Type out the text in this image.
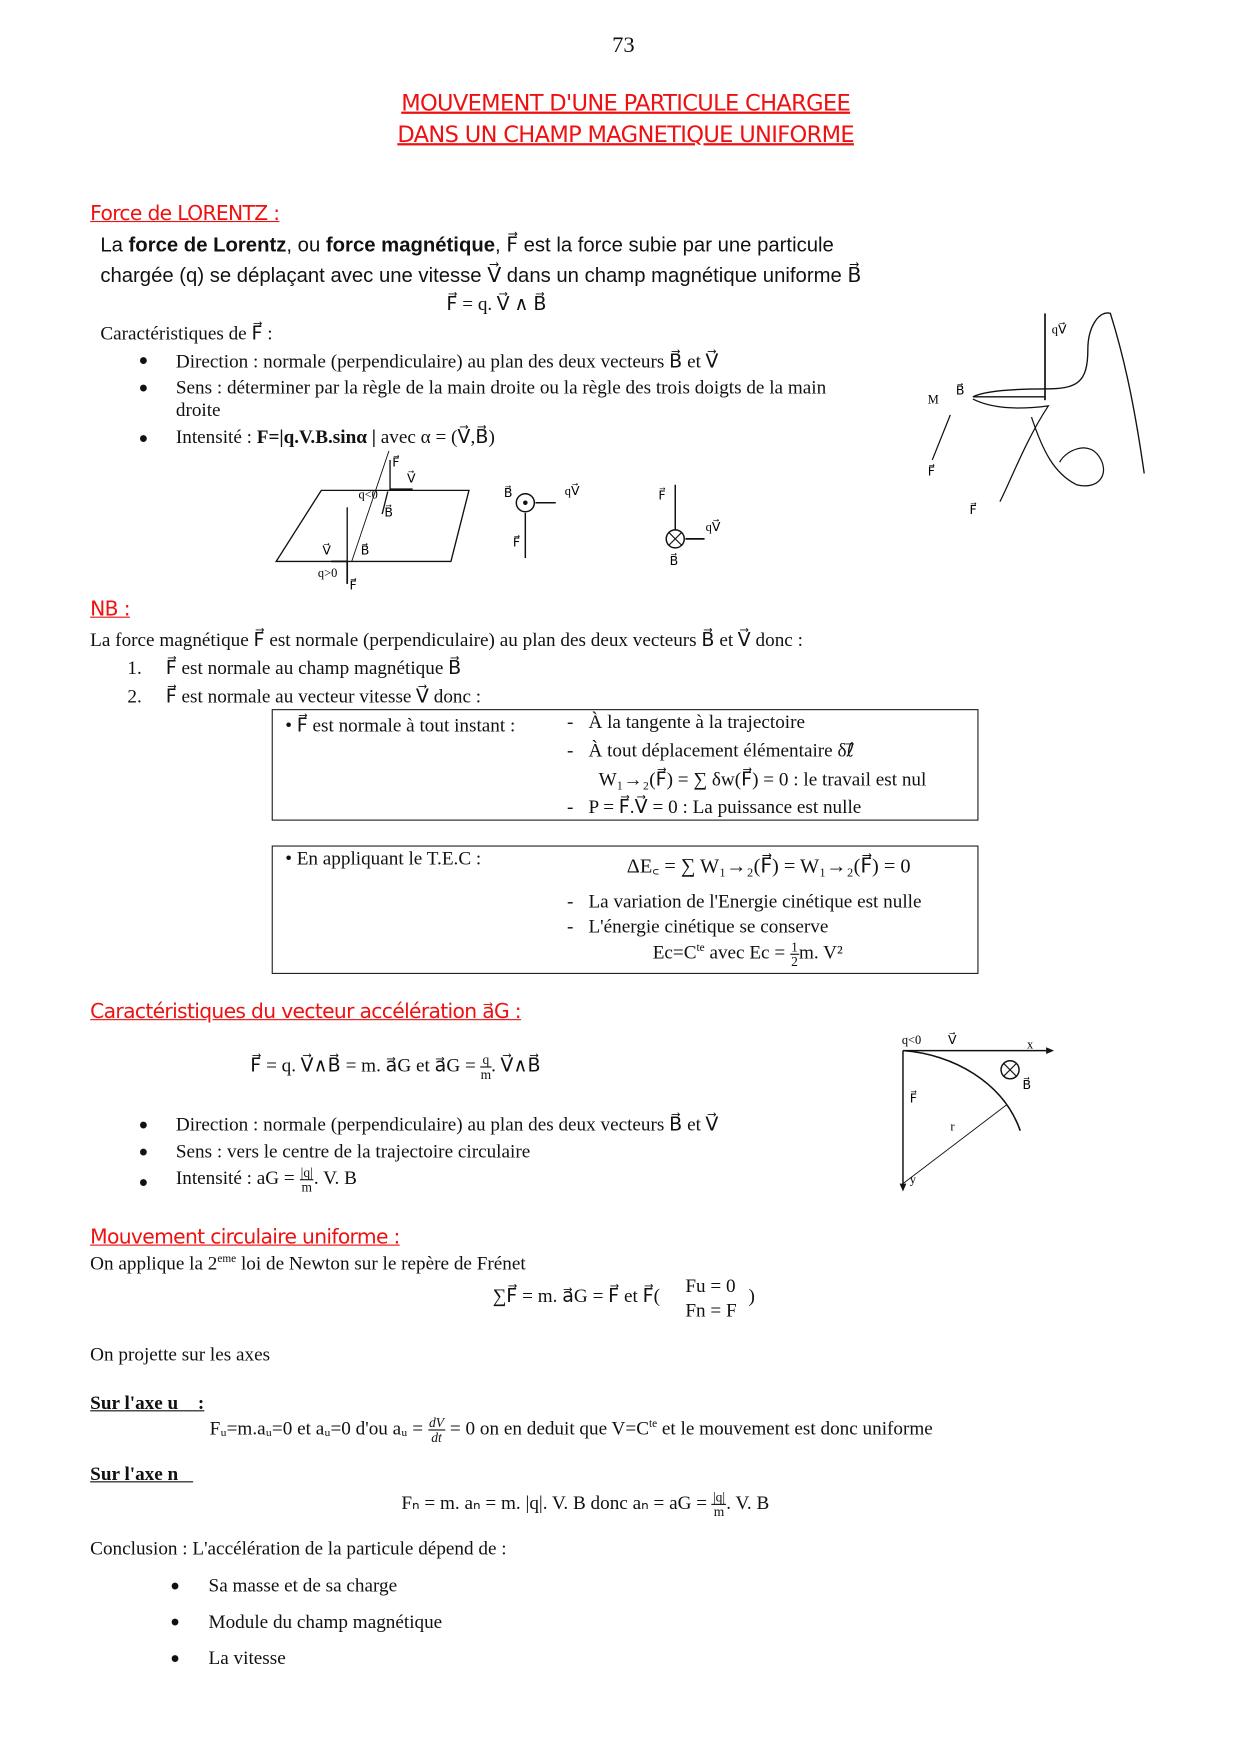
73
MOUVEMENT D'UNE PARTICULE CHARGEE
DANS UN CHAMP MAGNETIQUE UNIFORME
Force de LORENTZ :
La force de Lorentz, ou force magnétique, F⃗ est la force subie par une particule
chargée (q) se déplaçant avec une vitesse V⃗ dans un champ magnétique uniforme B⃗
F⃗ = q. V⃗ ∧ B⃗
Caractéristiques de F⃗ :
● Direction : normale (perpendiculaire) au plan des deux vecteurs B⃗ et V⃗
● Sens : déterminer par la règle de la main droite ou la règle des trois doigts de la main
droite
● Intensité : F=|q.V.B.sinα | avec α = (V⃗,B⃗)
F⃗
V⃗
q<0
B⃗
V⃗	B⃗
q>0
F⃗
B⃗	qV⃗
F⃗
F⃗
qV⃗
B⃗
qV⃗
M
B⃗
F⃗
F⃗
NB :
La force magnétique F⃗ est normale (perpendiculaire) au plan des deux vecteurs B⃗ et V⃗ donc :
1. F⃗ est normale au champ magnétique B⃗
2. F⃗ est normale au vecteur vitesse V⃗ donc :
• F⃗ est normale à tout instant :	- À la tangente à la trajectoire
- À tout déplacement élémentaire δℓ⃗
W₁→₂(F⃗) = ∑ δw(F⃗) = 0 : le travail est nul
- P = F⃗.V⃗ = 0 : La puissance est nulle
• En appliquant le T.E.C :	ΔE꜀ = ∑ W₁→₂(F⃗) = W₁→₂(F⃗) = 0
- La variation de l'Energie cinétique est nulle
- L'énergie cinétique se conserve
$Ec=C^{te}$ avec $Ec = \frac{1}{2} m$. V²
Caractéristiques du vecteur accélération a⃗G :
F⃗ = q. V⃗∧B⃗ = m. a⃗G et a⃗G = $\frac{q}{m}$ . V⃗∧B⃗
● Direction : normale (perpendiculaire) au plan des deux vecteurs B⃗ et V⃗
● Sens : vers le centre de la trajectoire circulaire
● Intensité : aG = $\frac{|q|}{m}$ . V. B
q<0 V⃗	x
B⃗
F⃗
r
y
Mouvement circulaire uniforme :
On applique la 2eme loi de Newton sur le repère de Frénet
∑F⃗ = m. a⃗G = F⃗ et F⃗( Fu = 0
Fn = F
)
On projette sur les axes
Sur l'axe u⃗ :
Fᵤ=m.aᵤ=0 et aᵤ=0 d'ou aᵤ = $\frac{dV}{dt} = 0$ on en deduit que $V=C^{te}$ et le mouvement est donc uniforme
Sur l'axe n⃗
Fₙ = m. aₙ = m. |q|. V. B donc aₙ = aG = $\frac{|q|}{m}$ . V. B
Conclusion : L'accélération de la particule dépend de :
● Sa masse et de sa charge
● Module du champ magnétique
● La vitesse
